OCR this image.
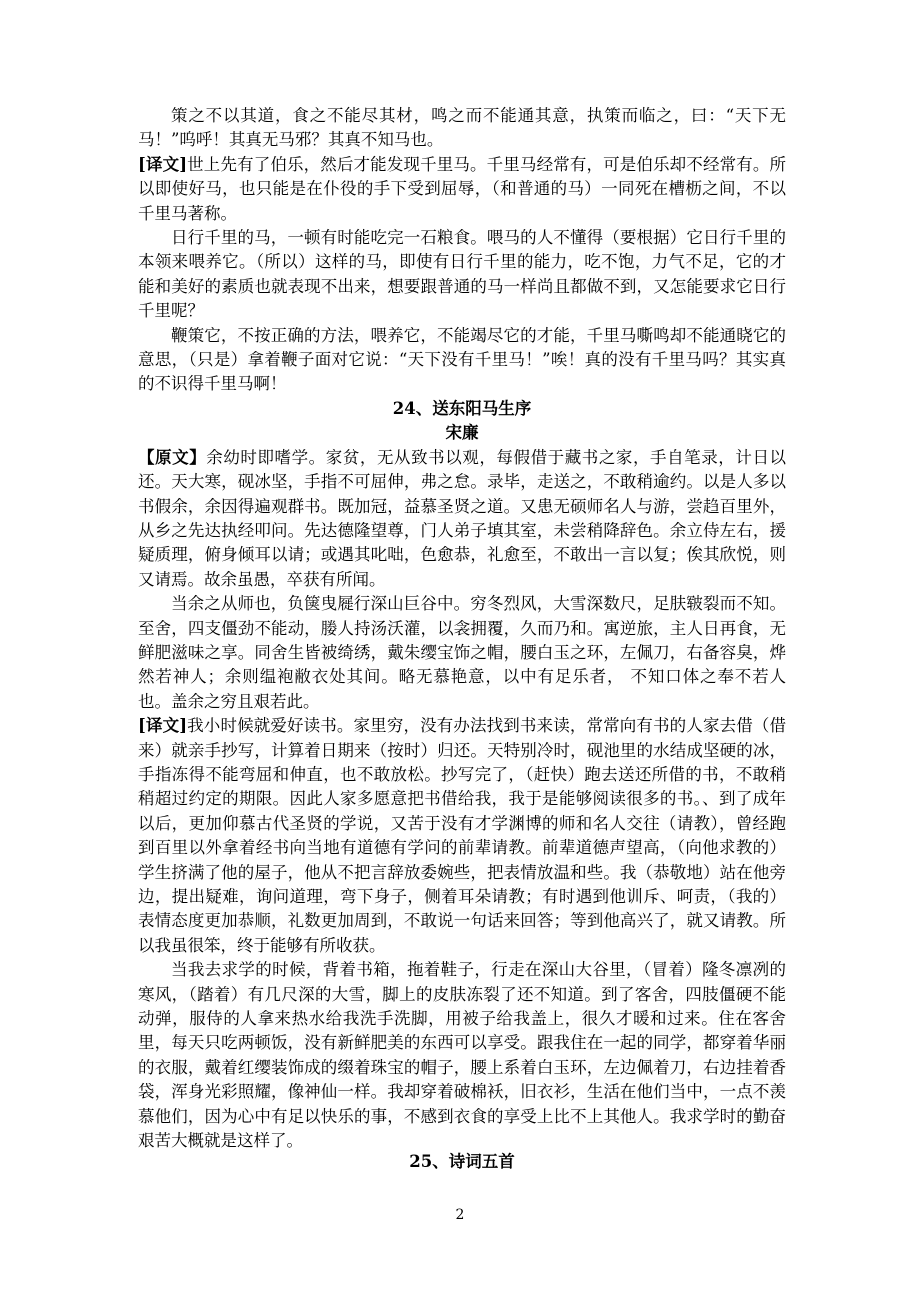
策之不以其道，食之不能尽其材，鸣之而不能通其意，执策而临之，曰：“天下无马！”呜呼！其真无马邪？其真不知马也。

[译文]世上先有了伯乐，然后才能发现千里马。千里马经常有，可是伯乐却不经常有。所以即使好马，也只能是在仆役的手下受到屈辱，（和普通的马）一同死在槽枥之间，不以千里马著称。

日行千里的马，一顿有时能吃完一石粮食。喂马的人不懂得（要根据）它日行千里的本领来喂养它。（所以）这样的马，即使有日行千里的能力，吃不饱，力气不足，它的才能和美好的素质也就表现不出来，想要跟普通的马一样尚且都做不到，又怎能要求它日行千里呢？

鞭策它，不按正确的方法，喂养它，不能竭尽它的才能，千里马嘶鸣却不能通晓它的意思，（只是）拿着鞭子面对它说：“天下没有千里马！”唉！真的没有千里马吗？其实真的不识得千里马啊！

24、送东阳马生序

宋廉

【原文】余幼时即嗜学。家贫，无从致书以观，每假借于藏书之家，手自笔录，计日以还。天大寒，砚冰坚，手指不可屈伸，弗之怠。录毕，走送之，不敢稍逾约。以是人多以书假余，余因得遍观群书。既加冠，益慕圣贤之道。又患无硕师名人与游，尝趋百里外，从乡之先达执经叩问。先达德隆望尊，门人弟子填其室，未尝稍降辞色。余立侍左右，援疑质理，俯身倾耳以请；或遇其叱咄，色愈恭，礼愈至，不敢出一言以复；俟其欣悦，则又请焉。故余虽愚，卒获有所闻。

当余之从师也，负箧曳屣行深山巨谷中。穷冬烈风，大雪深数尺，足肤皲裂而不知。至舍，四支僵劲不能动，媵人持汤沃灌，以衾拥覆，久而乃和。寓逆旅，主人日再食，无鲜肥滋味之享。同舍生皆被绮绣，戴朱缨宝饰之帽，腰白玉之环，左佩刀，右备容臭，烨然若神人；余则缊袍敝衣处其间。略无慕艳意，以中有足乐者， 不知口体之奉不若人也。盖余之穷且艰若此。

[译文]我小时候就爱好读书。家里穷，没有办法找到书来读，常常向有书的人家去借（借来）就亲手抄写，计算着日期来（按时）归还。天特别冷时，砚池里的水结成坚硬的冰，手指冻得不能弯屈和伸直，也不敢放松。抄写完了，（赶快）跑去送还所借的书，不敢稍稍超过约定的期限。因此人家多愿意把书借给我，我于是能够阅读很多的书。、到了成年以后，更加仰慕古代圣贤的学说，又苦于没有才学渊博的师和名人交往（请教），曾经跑到百里以外拿着经书向当地有道德有学问的前辈请教。前辈道德声望高，（向他求教的）学生挤满了他的屋子，他从不把言辞放委婉些，把表情放温和些。我（恭敬地）站在他旁边，提出疑难，询问道理，弯下身子，侧着耳朵请教；有时遇到他训斥、呵责，（我的）表情态度更加恭顺，礼数更加周到，不敢说一句话来回答；等到他高兴了，就又请教。所以我虽很笨，终于能够有所收获。

当我去求学的时候，背着书箱，拖着鞋子，行走在深山大谷里，（冒着）隆冬凛冽的寒风，（踏着）有几尺深的大雪，脚上的皮肤冻裂了还不知道。到了客舍，四肢僵硬不能动弹，服侍的人拿来热水给我洗手洗脚，用被子给我盖上，很久才暖和过来。住在客舍里，每天只吃两顿饭，没有新鲜肥美的东西可以享受。跟我住在一起的同学，都穿着华丽的衣服，戴着红缨装饰成的缀着珠宝的帽子，腰上系着白玉环，左边佩着刀，右边挂着香袋，浑身光彩照耀，像神仙一样。我却穿着破棉袄，旧衣衫，生活在他们当中，一点不羡慕他们，因为心中有足以快乐的事，不感到衣食的享受上比不上其他人。我求学时的勤奋艰苦大概就是这样了。

25、诗词五首
2
